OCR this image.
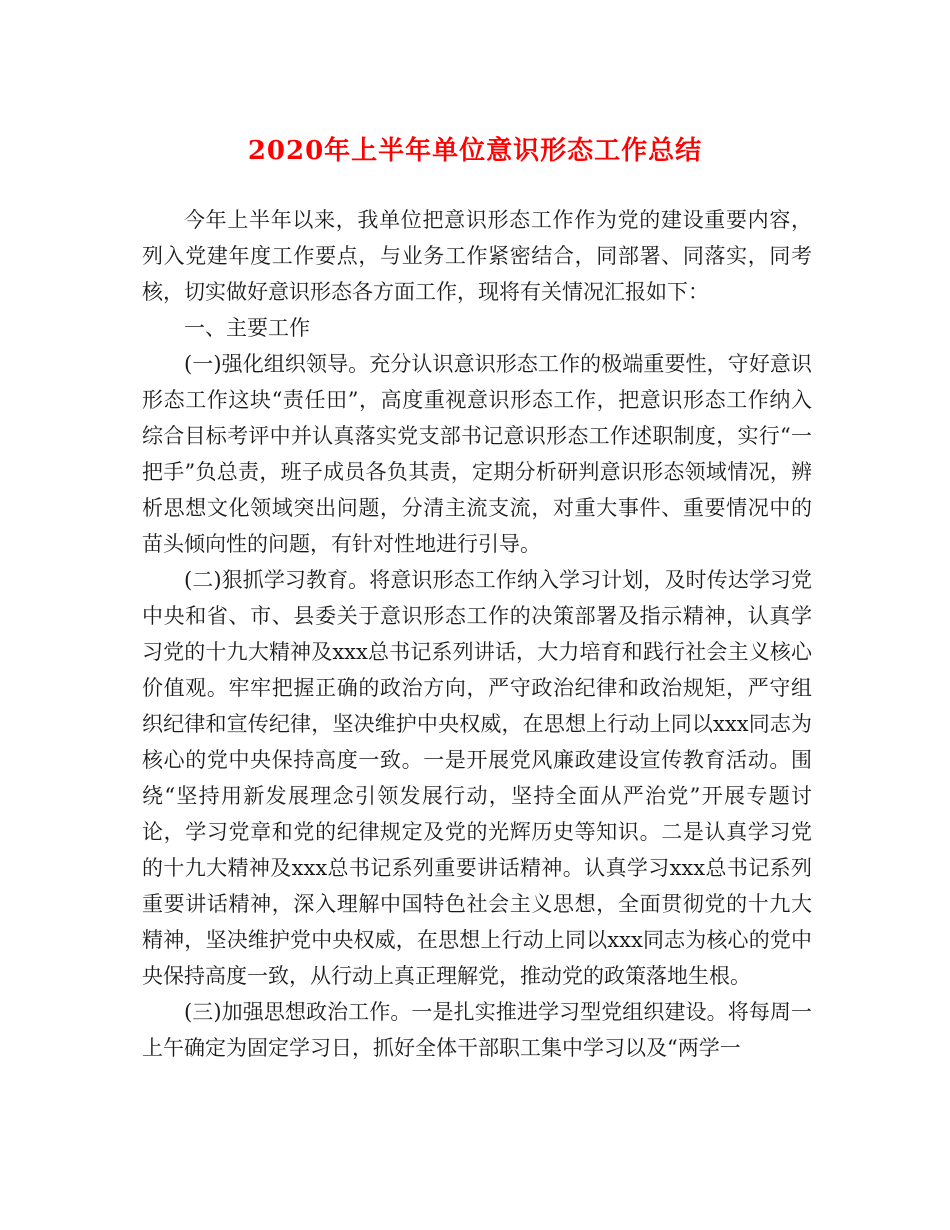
2020年上半年单位意识形态工作总结

今年上半年以来，我单位把意识形态工作作为党的建设重要内容，列入党建年度工作要点，与业务工作紧密结合，同部署、同落实，同考核，切实做好意识形态各方面工作，现将有关情况汇报如下：

一、主要工作

(一)强化组织领导。充分认识意识形态工作的极端重要性，守好意识形态工作这块“责任田”，高度重视意识形态工作，把意识形态工作纳入综合目标考评中并认真落实党支部书记意识形态工作述职制度，实行“一把手”负总责，班子成员各负其责，定期分析研判意识形态领域情况，辨析思想文化领域突出问题，分清主流支流，对重大事件、重要情况中的苗头倾向性的问题，有针对性地进行引导。

(二)狠抓学习教育。将意识形态工作纳入学习计划，及时传达学习党中央和省、市、县委关于意识形态工作的决策部署及指示精神，认真学习党的十九大精神及xxx总书记系列讲话，大力培育和践行社会主义核心价值观。牢牢把握正确的政治方向，严守政治纪律和政治规矩，严守组织纪律和宣传纪律，坚决维护中央权威，在思想上行动上同以xxx同志为核心的党中央保持高度一致。一是开展党风廉政建设宣传教育活动。围绕“坚持用新发展理念引领发展行动，坚持全面从严治党”开展专题讨论，学习党章和党的纪律规定及党的光辉历史等知识。二是认真学习党的十九大精神及xxx总书记系列重要讲话精神。认真学习xxx总书记系列重要讲话精神，深入理解中国特色社会主义思想，全面贯彻党的十九大精神，坚决维护党中央权威，在思想上行动上同以xxx同志为核心的党中央保持高度一致，从行动上真正理解党，推动党的政策落地生根。

(三)加强思想政治工作。一是扎实推进学习型党组织建设。将每周一上午确定为固定学习日，抓好全体干部职工集中学习以及“两学一
